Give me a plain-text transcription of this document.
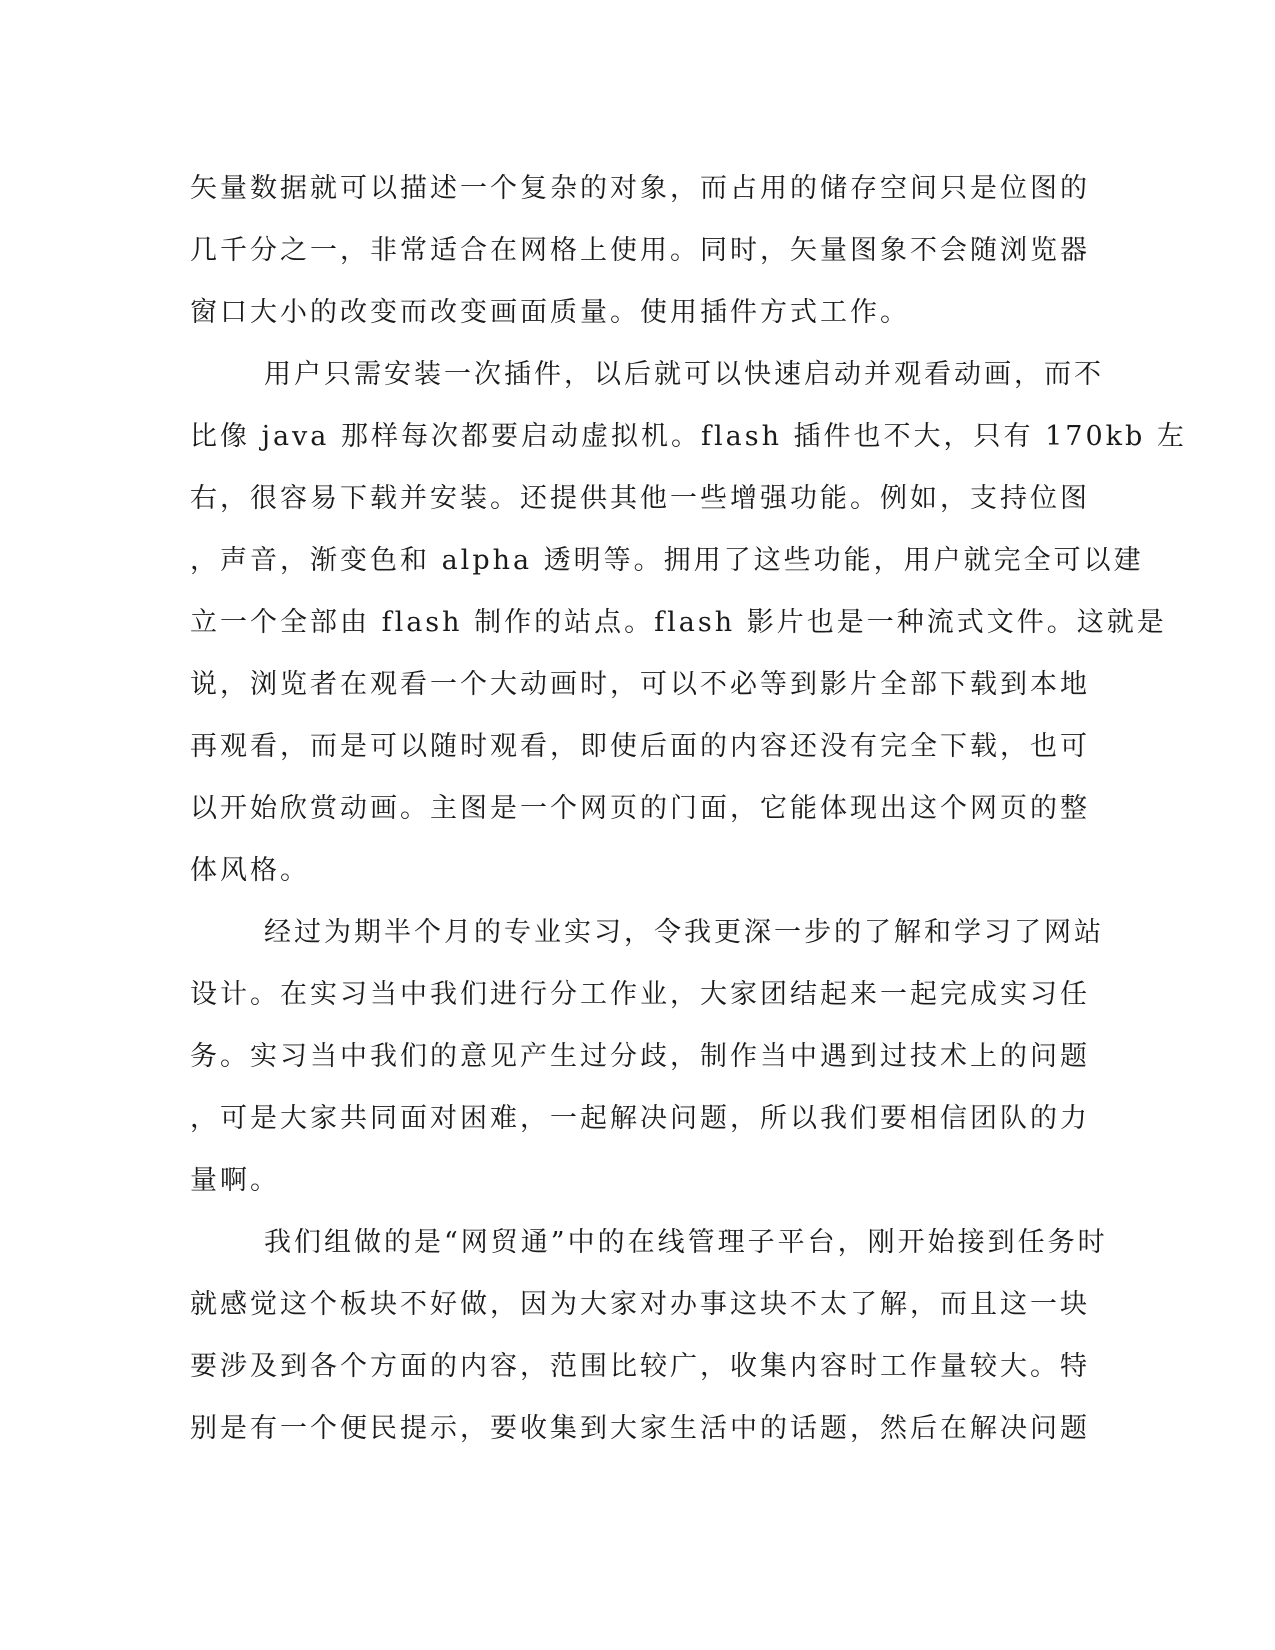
矢量数据就可以描述一个复杂的对象，而占用的储存空间只是位图的
几千分之一，非常适合在网格上使用。同时，矢量图象不会随浏览器
窗口大小的改变而改变画面质量。使用插件方式工作。
用户只需安装一次插件，以后就可以快速启动并观看动画，而不
比像 java 那样每次都要启动虚拟机。flash 插件也不大，只有 170kb 左
右，很容易下载并安装。还提供其他一些增强功能。例如，支持位图
，声音，渐变色和 alpha 透明等。拥用了这些功能，用户就完全可以建
立一个全部由 flash 制作的站点。flash 影片也是一种流式文件。这就是
说，浏览者在观看一个大动画时，可以不必等到影片全部下载到本地
再观看，而是可以随时观看，即使后面的内容还没有完全下载，也可
以开始欣赏动画。主图是一个网页的门面，它能体现出这个网页的整
体风格。
经过为期半个月的专业实习，令我更深一步的了解和学习了网站
设计。在实习当中我们进行分工作业，大家团结起来一起完成实习任
务。实习当中我们的意见产生过分歧，制作当中遇到过技术上的问题
，可是大家共同面对困难，一起解决问题，所以我们要相信团队的力
量啊。
我们组做的是“网贸通”中的在线管理子平台，刚开始接到任务时
就感觉这个板块不好做，因为大家对办事这块不太了解，而且这一块
要涉及到各个方面的内容，范围比较广，收集内容时工作量较大。特
别是有一个便民提示，要收集到大家生活中的话题，然后在解决问题
